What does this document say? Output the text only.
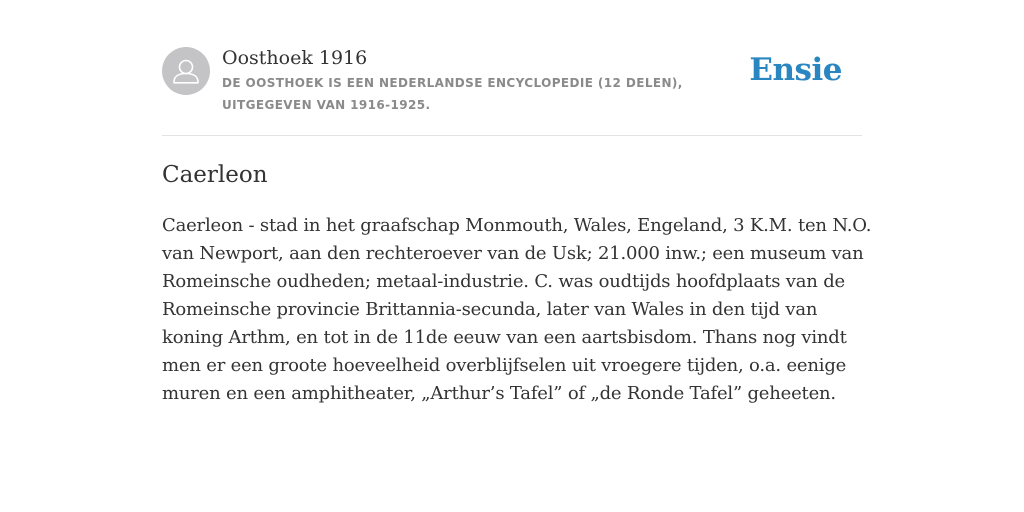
Oosthoek 1916
DE OOSTHOEK IS EEN NEDERLANDSE ENCYCLOPEDIE (12 DELEN), UITGEGEVEN VAN 1916-1925.
Ensie
Caerleon

Caerleon - stad in het graafschap Monmouth, Wales, Engeland, 3 K.M. ten N.O. van Newport, aan den rechteroever van de Usk; 21.000 inw.; een museum van Romeinsche oudheden; metaal-industrie. C. was oudtijds hoofdplaats van de Romeinsche provincie Brittannia-secunda, later van Wales in den tijd van koning Arthm, en tot in de 11de eeuw van een aartsbisdom. Thans nog vindt men er een groote hoeveelheid overblijfselen uit vroegere tijden, o.a. eenige muren en een amphitheater, „Arthur’s Tafel” of „de Ronde Tafel” geheeten.
